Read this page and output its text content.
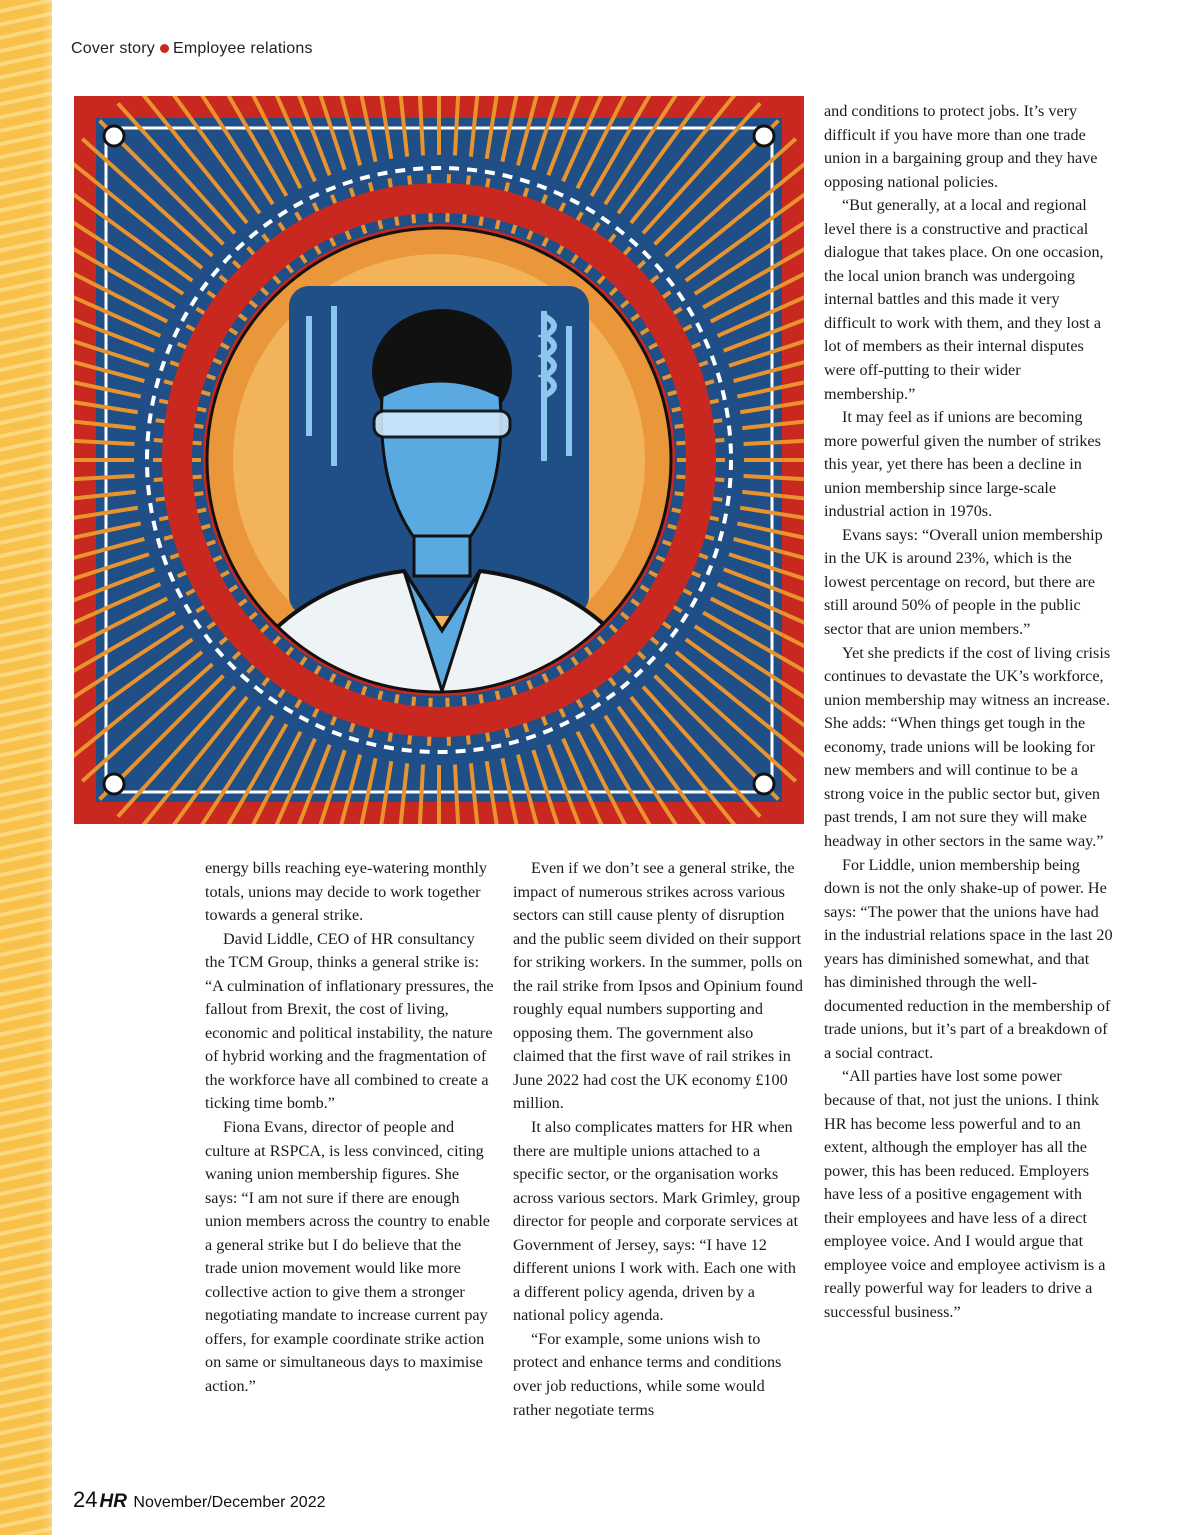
Cover story Employee relations

energy bills reaching eye-watering monthly totals, unions may decide to work together towards a general strike.

David Liddle, CEO of HR consultancy the TCM Group, thinks a general strike is: “A culmination of inflationary pressures, the fallout from Brexit, the cost of living, economic and political instability, the nature of hybrid working and the fragmentation of the workforce have all combined to create a ticking time bomb.”

Fiona Evans, director of people and culture at RSPCA, is less convinced, citing waning union membership figures. She says: “I am not sure if there are enough union members across the country to enable a general strike but I do believe that the trade union movement would like more collective action to give them a stronger negotiating mandate to increase current pay offers, for example coordinate strike action on same or simultaneous days to maximise action.”

Even if we don’t see a general strike, the impact of numerous strikes across various sectors can still cause plenty of disruption and the public seem divided on their support for striking workers. In the summer, polls on the rail strike from Ipsos and Opinium found roughly equal numbers supporting and opposing them. The government also claimed that the first wave of rail strikes in June 2022 had cost the UK economy £100 million.

It also complicates matters for HR when there are multiple unions attached to a specific sector, or the organisation works across various sectors. Mark Grimley, group director for people and corporate services at Government of Jersey, says: “I have 12 different unions I work with. Each one with a different policy agenda, driven by a national policy agenda.

“For example, some unions wish to protect and enhance terms and conditions over job reductions, while some would rather negotiate terms

and conditions to protect jobs. It’s very difficult if you have more than one trade union in a bargaining group and they have opposing national policies.

“But generally, at a local and regional level there is a constructive and practical dialogue that takes place. On one occasion, the local union branch was undergoing internal battles and this made it very difficult to work with them, and they lost a lot of members as their internal disputes were off-putting to their wider membership.”

It may feel as if unions are becoming more powerful given the number of strikes this year, yet there has been a decline in union membership since large-scale industrial action in 1970s.

Evans says: “Overall union membership in the UK is around 23%, which is the lowest percentage on record, but there are still around 50% of people in the public sector that are union members.”

Yet she predicts if the cost of living crisis continues to devastate the UK’s workforce, union membership may witness an increase. She adds: “When things get tough in the economy, trade unions will be looking for new members and will continue to be a strong voice in the public sector but, given past trends, I am not sure they will make headway in other sectors in the same way.”

For Liddle, union membership being down is not the only shake-up of power. He says: “The power that the unions have had in the industrial relations space in the last 20 years has diminished somewhat, and that has diminished through the well-documented reduction in the membership of trade unions, but it’s part of a breakdown of a social contract.

“All parties have lost some power because of that, not just the unions. I think HR has become less powerful and to an extent, although the employer has all the power, this has been reduced. Employers have less of a positive engagement with their employees and have less of a direct employee voice. And I would argue that employee voice and employee activism is a really powerful way for leaders to drive a successful business.”

24 HR November/December 2022
